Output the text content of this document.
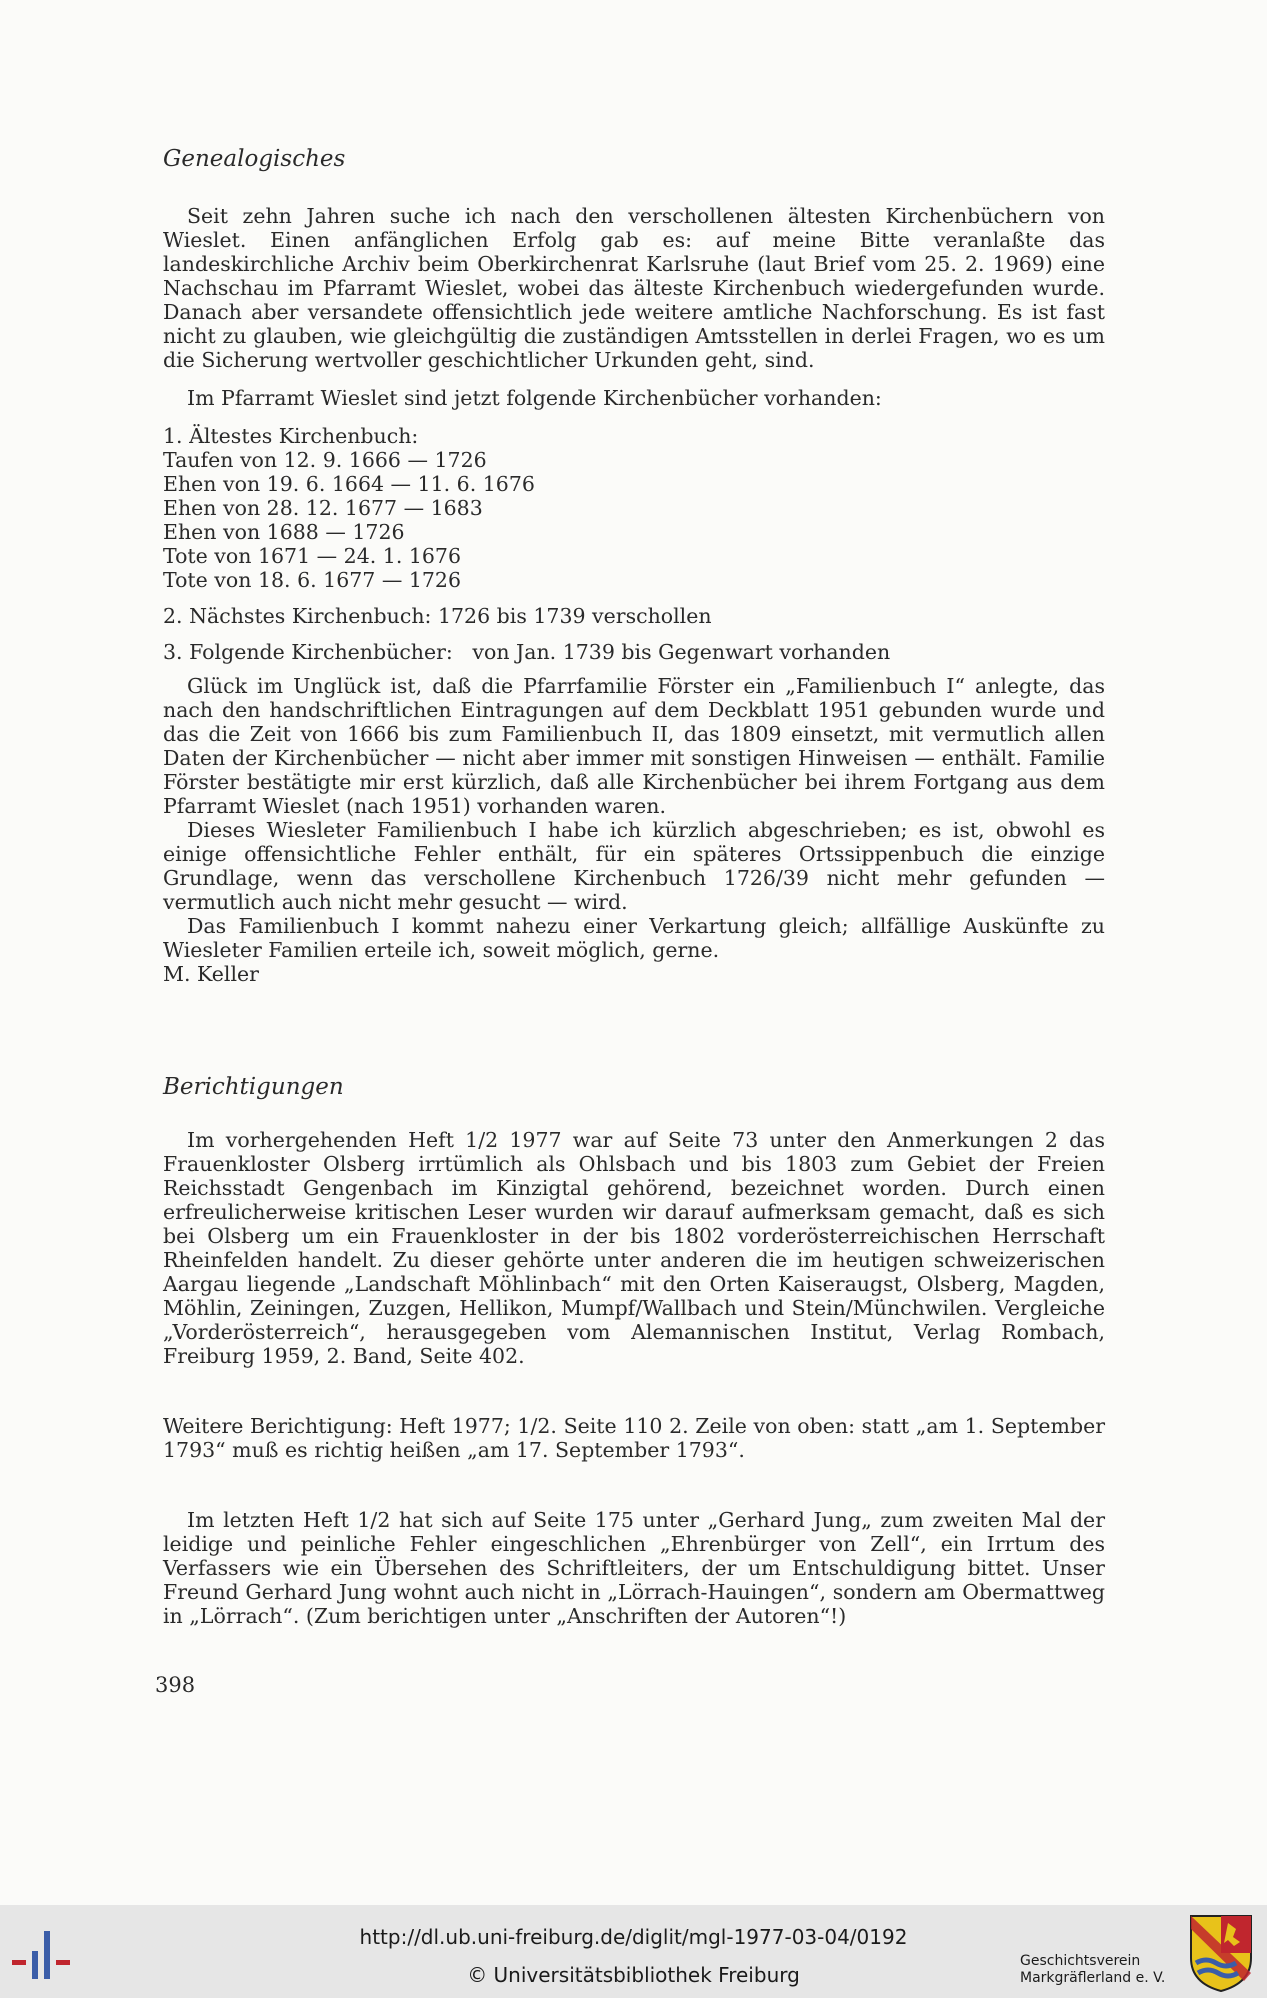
Genealogisches

Seit zehn Jahren suche ich nach den verschollenen ältesten Kirchenbüchern von Wieslet. Einen anfänglichen Erfolg gab es: auf meine Bitte veranlaßte das landeskirchliche Archiv beim Oberkirchenrat Karlsruhe (laut Brief vom 25. 2. 1969) eine Nachschau im Pfarramt Wieslet, wobei das älteste Kirchenbuch wiedergefunden wurde. Danach aber versandete offensichtlich jede weitere amtliche Nachforschung. Es ist fast nicht zu glauben, wie gleichgültig die zuständigen Amtsstellen in derlei Fragen, wo es um die Sicherung wertvoller geschichtlicher Urkunden geht, sind.

Im Pfarramt Wieslet sind jetzt folgende Kirchenbücher vorhanden:

1. Ältestes Kirchenbuch:
Taufen von 12. 9. 1666 — 1726
Ehen von 19. 6. 1664 — 11. 6. 1676
Ehen von 28. 12. 1677 — 1683
Ehen von 1688 — 1726
Tote von 1671 — 24. 1. 1676
Tote von 18. 6. 1677 — 1726
2. Nächstes Kirchenbuch: 1726 bis 1739 verschollen
3. Folgende Kirchenbücher:   von Jan. 1739 bis Gegenwart vorhanden

Glück im Unglück ist, daß die Pfarrfamilie Förster ein „Familienbuch I“ anlegte, das nach den handschriftlichen Eintragungen auf dem Deckblatt 1951 gebunden wurde und das die Zeit von 1666 bis zum Familienbuch II, das 1809 einsetzt, mit vermutlich allen Daten der Kirchenbücher — nicht aber immer mit sonstigen Hinweisen — enthält. Familie Förster bestätigte mir erst kürzlich, daß alle Kirchenbücher bei ihrem Fortgang aus dem Pfarramt Wieslet (nach 1951) vorhanden waren.

Dieses Wiesleter Familienbuch I habe ich kürzlich abgeschrieben; es ist, obwohl es einige offensichtliche Fehler enthält, für ein späteres Ortssippenbuch die einzige Grundlage, wenn das verschollene Kirchenbuch 1726/39 nicht mehr gefunden — vermutlich auch nicht mehr gesucht — wird.

Das Familienbuch I kommt nahezu einer Verkartung gleich; allfällige Auskünfte zu Wiesleter Familien erteile ich, soweit möglich, gerne.

M. Keller

Berichtigungen

Im vorhergehenden Heft 1/2 1977 war auf Seite 73 unter den Anmerkungen 2 das Frauenkloster Olsberg irrtümlich als Ohlsbach und bis 1803 zum Gebiet der Freien Reichsstadt Gengenbach im Kinzigtal gehörend, bezeichnet worden. Durch einen erfreulicherweise kritischen Leser wurden wir darauf aufmerksam gemacht, daß es sich bei Olsberg um ein Frauenkloster in der bis 1802 vorderösterreichischen Herrschaft Rheinfelden handelt. Zu dieser gehörte unter anderen die im heutigen schweizerischen Aargau liegende „Landschaft Möhlinbach“ mit den Orten Kaiseraugst, Olsberg, Magden, Möhlin, Zeiningen, Zuzgen, Hellikon, Mumpf/Wallbach und Stein/Münchwilen. Vergleiche „Vorderösterreich“, herausgegeben vom Alemannischen Institut, Verlag Rombach, Freiburg 1959, 2. Band, Seite 402.

Weitere Berichtigung: Heft 1977; 1/2. Seite 110 2. Zeile von oben: statt „am 1. September 1793“ muß es richtig heißen „am 17. September 1793“.

Im letzten Heft 1/2 hat sich auf Seite 175 unter „Gerhard Jung„ zum zweiten Mal der leidige und peinliche Fehler eingeschlichen „Ehrenbürger von Zell“, ein Irrtum des Verfassers wie ein Übersehen des Schriftleiters, der um Entschuldigung bittet. Unser Freund Gerhard Jung wohnt auch nicht in „Lörrach-Hauingen“, sondern am Obermattweg in „Lörrach“. (Zum berichtigen unter „Anschriften der Autoren“!)

398
http://dl.ub.uni-freiburg.de/diglit/mgl-1977-03-04/0192
© Universitätsbibliothek Freiburg
Geschichtsverein
Markgräflerland e. V.
